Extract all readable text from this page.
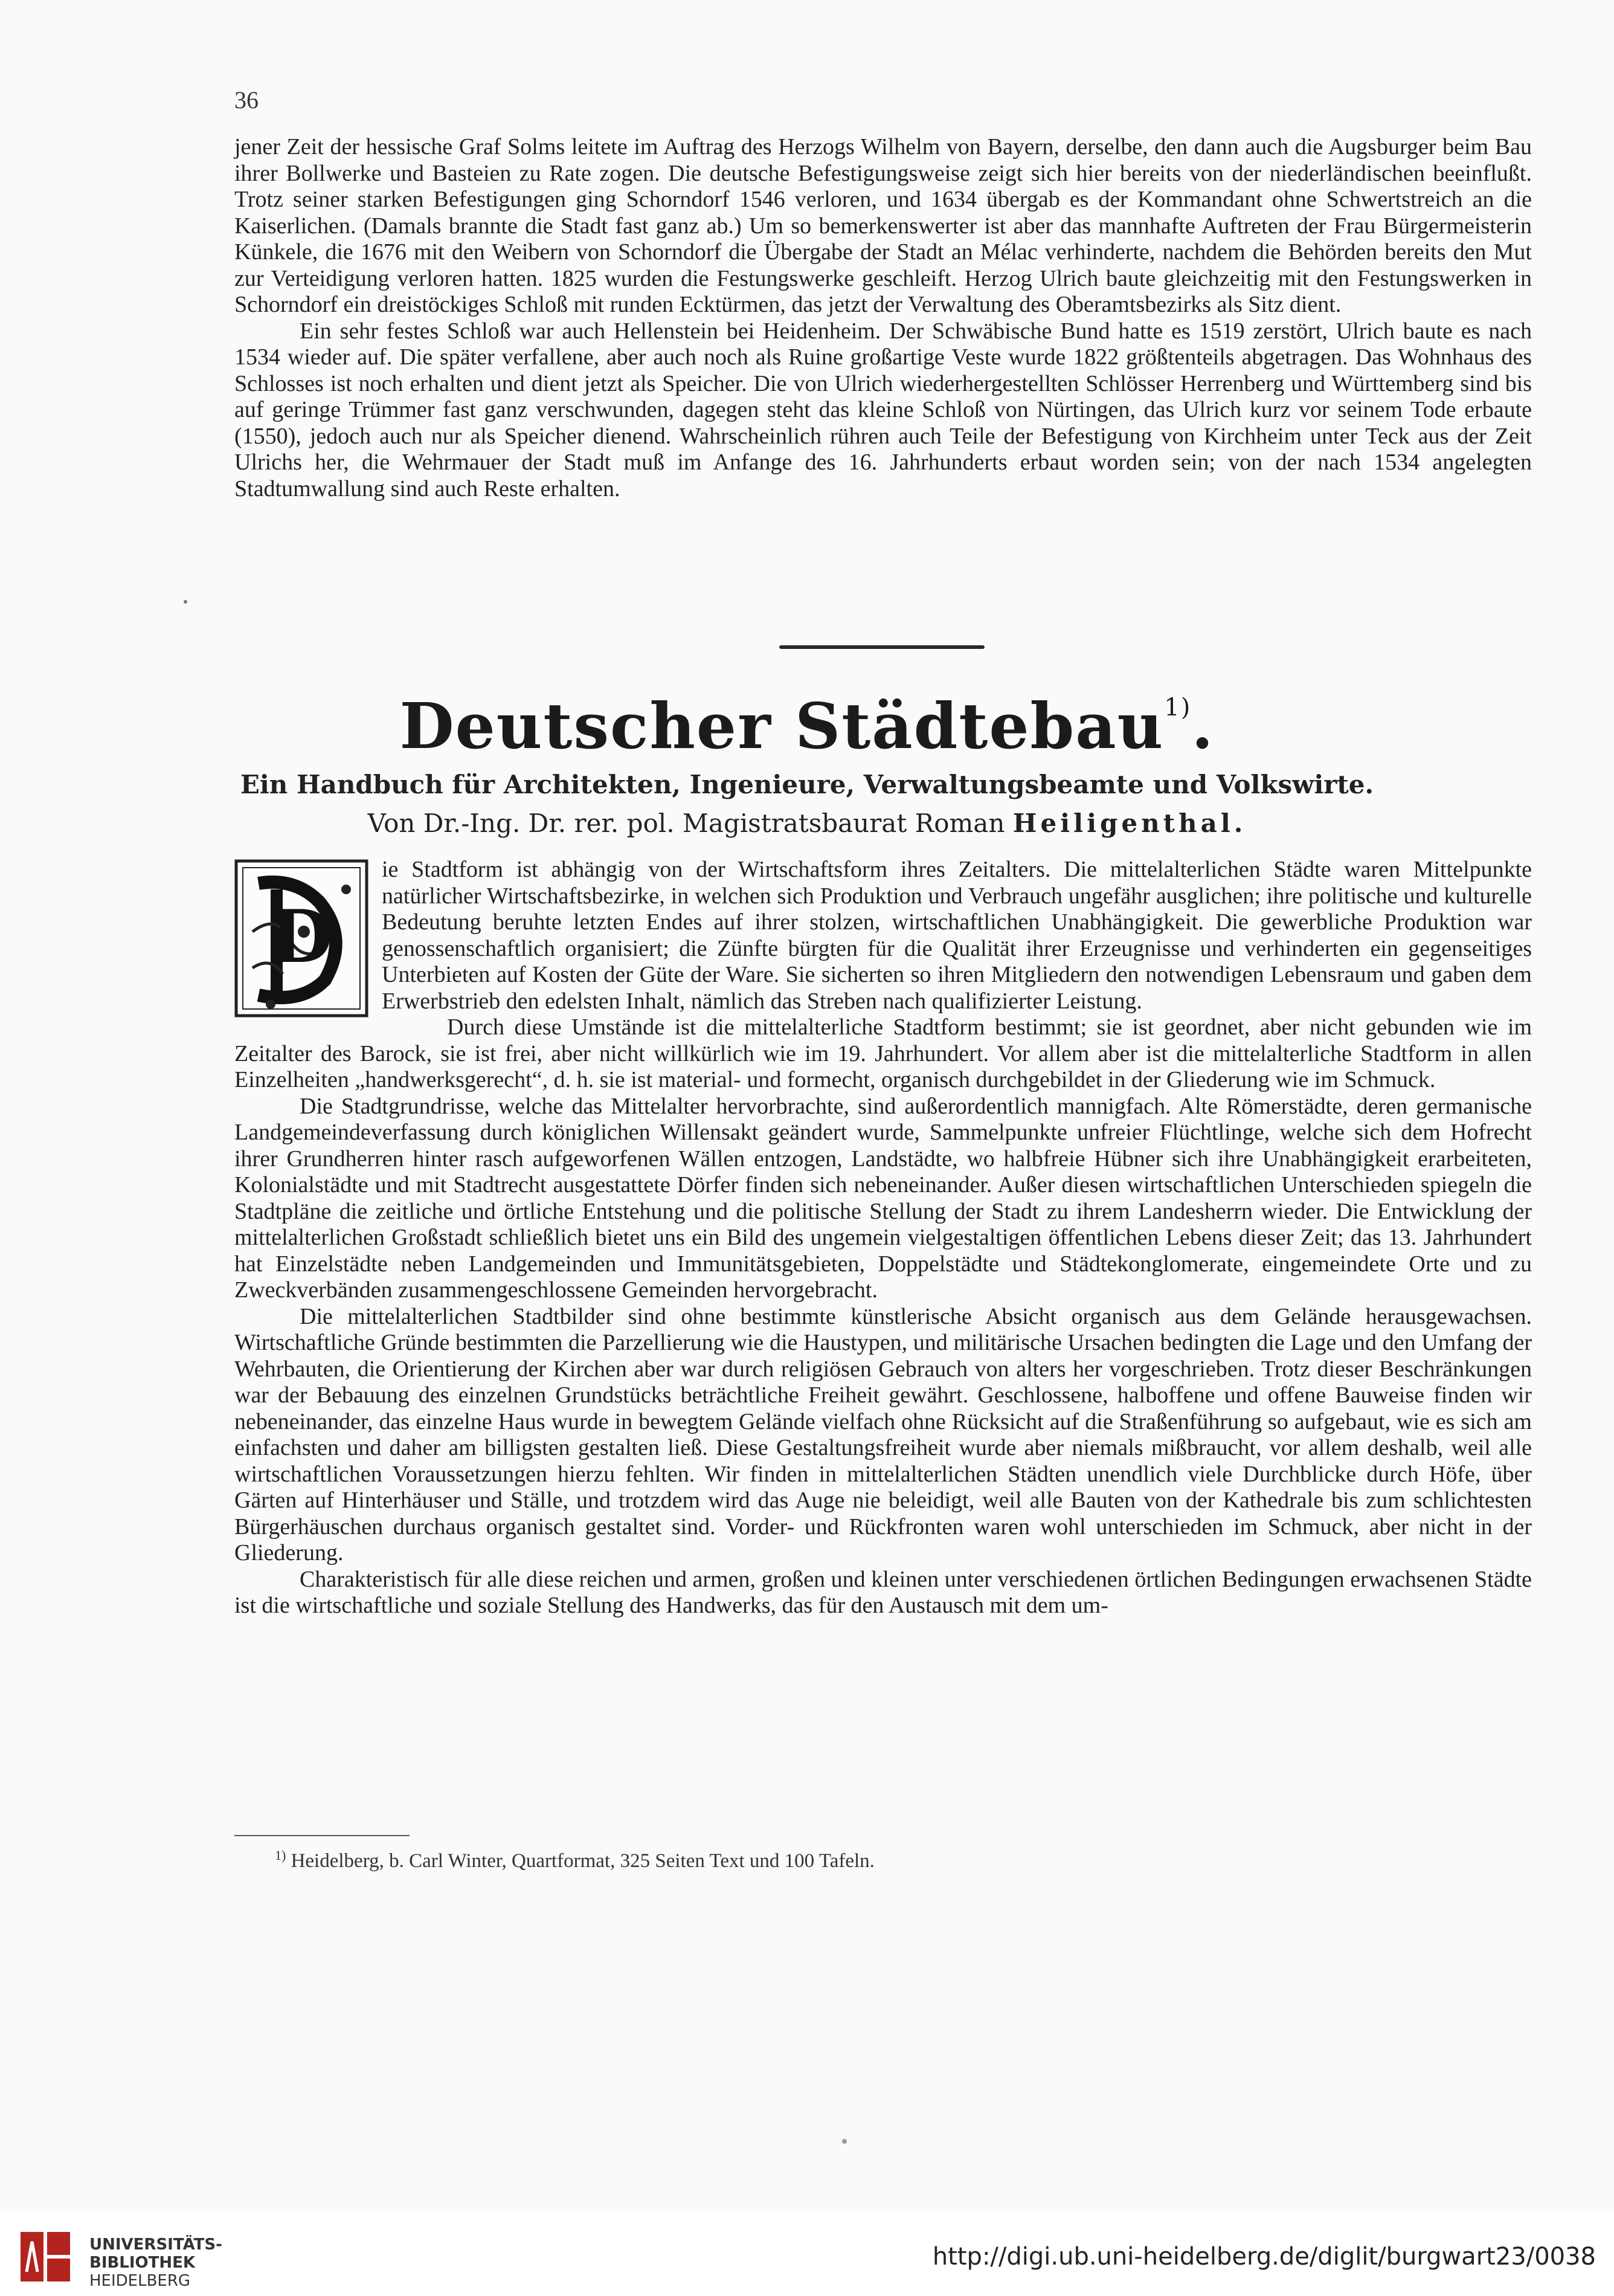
36

jener Zeit der hessische Graf Solms leitete im Auftrag des Herzogs Wilhelm von Bayern, derselbe, den dann auch die Augsburger beim Bau ihrer Bollwerke und Basteien zu Rate zogen. Die deutsche Befestigungsweise zeigt sich hier bereits von der niederländischen beeinflußt. Trotz seiner starken Befestigungen ging Schorndorf 1546 verloren, und 1634 übergab es der Kommandant ohne Schwertstreich an die Kaiserlichen. (Damals brannte die Stadt fast ganz ab.) Um so bemerkenswerter ist aber das mannhafte Auftreten der Frau Bürgermeisterin Künkele, die 1676 mit den Weibern von Schorndorf die Übergabe der Stadt an Mélac verhinderte, nachdem die Behörden bereits den Mut zur Verteidigung verloren hatten. 1825 wurden die Festungswerke geschleift. Herzog Ulrich baute gleichzeitig mit den Festungswerken in Schorndorf ein dreistöckiges Schloß mit runden Ecktürmen, das jetzt der Verwaltung des Oberamtsbezirks als Sitz dient.

Ein sehr festes Schloß war auch Hellenstein bei Heidenheim. Der Schwäbische Bund hatte es 1519 zerstört, Ulrich baute es nach 1534 wieder auf. Die später verfallene, aber auch noch als Ruine großartige Veste wurde 1822 größtenteils abgetragen. Das Wohnhaus des Schlosses ist noch erhalten und dient jetzt als Speicher. Die von Ulrich wiederhergestellten Schlösser Herrenberg und Württemberg sind bis auf geringe Trümmer fast ganz verschwunden, dagegen steht das kleine Schloß von Nürtingen, das Ulrich kurz vor seinem Tode erbaute (1550), jedoch auch nur als Speicher dienend. Wahrscheinlich rühren auch Teile der Befestigung von Kirchheim unter Teck aus der Zeit Ulrichs her, die Wehrmauer der Stadt muß im Anfange des 16. Jahrhunderts erbaut worden sein; von der nach 1534 angelegten Stadtumwallung sind auch Reste erhalten.

Deutscher Städtebau$^{1)}$.
Ein Handbuch für Architekten, Ingenieure, Verwaltungsbeamte und Volkswirte.
Von Dr.-Ing. Dr. rer. pol. Magistratsbaurat Roman Heiligenthal.

D
ie Stadtform ist abhängig von der Wirtschaftsform ihres Zeitalters. Die mittelalterlichen Städte waren Mittelpunkte natürlicher Wirtschaftsbezirke, in welchen sich Produktion und Verbrauch ungefähr ausglichen; ihre politische und kulturelle Bedeutung beruhte letzten Endes auf ihrer stolzen, wirtschaftlichen Unabhängigkeit. Die gewerbliche Produktion war genossenschaftlich organisiert; die Zünfte bürgten für die Qualität ihrer Erzeugnisse und verhinderten ein gegenseitiges Unterbieten auf Kosten der Güte der Ware. Sie sicherten so ihren Mitgliedern den notwendigen Lebensraum und gaben dem Erwerbstrieb den edelsten Inhalt, nämlich das Streben nach qualifizierter Leistung.

Durch diese Umstände ist die mittelalterliche Stadtform bestimmt; sie ist geordnet, aber nicht gebunden wie im Zeitalter des Barock, sie ist frei, aber nicht willkürlich wie im 19. Jahrhundert. Vor allem aber ist die mittelalterliche Stadtform in allen Einzelheiten „handwerksgerecht“, d. h. sie ist material- und formecht, organisch durchgebildet in der Gliederung wie im Schmuck.

Die Stadtgrundrisse, welche das Mittelalter hervorbrachte, sind außerordentlich mannigfach. Alte Römerstädte, deren germanische Landgemeindeverfassung durch königlichen Willensakt geändert wurde, Sammelpunkte unfreier Flüchtlinge, welche sich dem Hofrecht ihrer Grundherren hinter rasch aufgeworfenen Wällen entzogen, Landstädte, wo halbfreie Hübner sich ihre Unabhängigkeit erarbeiteten, Kolonialstädte und mit Stadtrecht ausgestattete Dörfer finden sich nebeneinander. Außer diesen wirtschaftlichen Unterschieden spiegeln die Stadtpläne die zeitliche und örtliche Entstehung und die politische Stellung der Stadt zu ihrem Landesherrn wieder. Die Entwicklung der mittelalterlichen Großstadt schließlich bietet uns ein Bild des ungemein vielgestaltigen öffentlichen Lebens dieser Zeit; das 13. Jahrhundert hat Einzelstädte neben Landgemeinden und Immunitätsgebieten, Doppelstädte und Städtekonglomerate, eingemeindete Orte und zu Zweckverbänden zusammengeschlossene Gemeinden hervorgebracht.

Die mittelalterlichen Stadtbilder sind ohne bestimmte künstlerische Absicht organisch aus dem Gelände herausgewachsen. Wirtschaftliche Gründe bestimmten die Parzellierung wie die Haustypen, und militärische Ursachen bedingten die Lage und den Umfang der Wehrbauten, die Orientierung der Kirchen aber war durch religiösen Gebrauch von alters her vorgeschrieben. Trotz dieser Beschränkungen war der Bebauung des einzelnen Grundstücks beträchtliche Freiheit gewährt. Geschlossene, halboffene und offene Bauweise finden wir nebeneinander, das einzelne Haus wurde in bewegtem Gelände vielfach ohne Rücksicht auf die Straßenführung so aufgebaut, wie es sich am einfachsten und daher am billigsten gestalten ließ. Diese Gestaltungsfreiheit wurde aber niemals mißbraucht, vor allem deshalb, weil alle wirtschaftlichen Voraussetzungen hierzu fehlten. Wir finden in mittelalterlichen Städten unendlich viele Durchblicke durch Höfe, über Gärten auf Hinterhäuser und Ställe, und trotzdem wird das Auge nie beleidigt, weil alle Bauten von der Kathedrale bis zum schlichtesten Bürgerhäuschen durchaus organisch gestaltet sind. Vorder- und Rückfronten waren wohl unterschieden im Schmuck, aber nicht in der Gliederung.

Charakteristisch für alle diese reichen und armen, großen und kleinen unter verschiedenen örtlichen Bedingungen erwachsenen Städte ist die wirtschaftliche und soziale Stellung des Handwerks, das für den Austausch mit dem um-

$^{1)}$ Heidelberg, b. Carl Winter, Quartformat, 325 Seiten Text und 100 Tafeln.
UNIVERSITÄTS-
BIBLIOTHEK
HEIDELBERG
http://digi.ub.uni-heidelberg.de/diglit/burgwart23/0038
